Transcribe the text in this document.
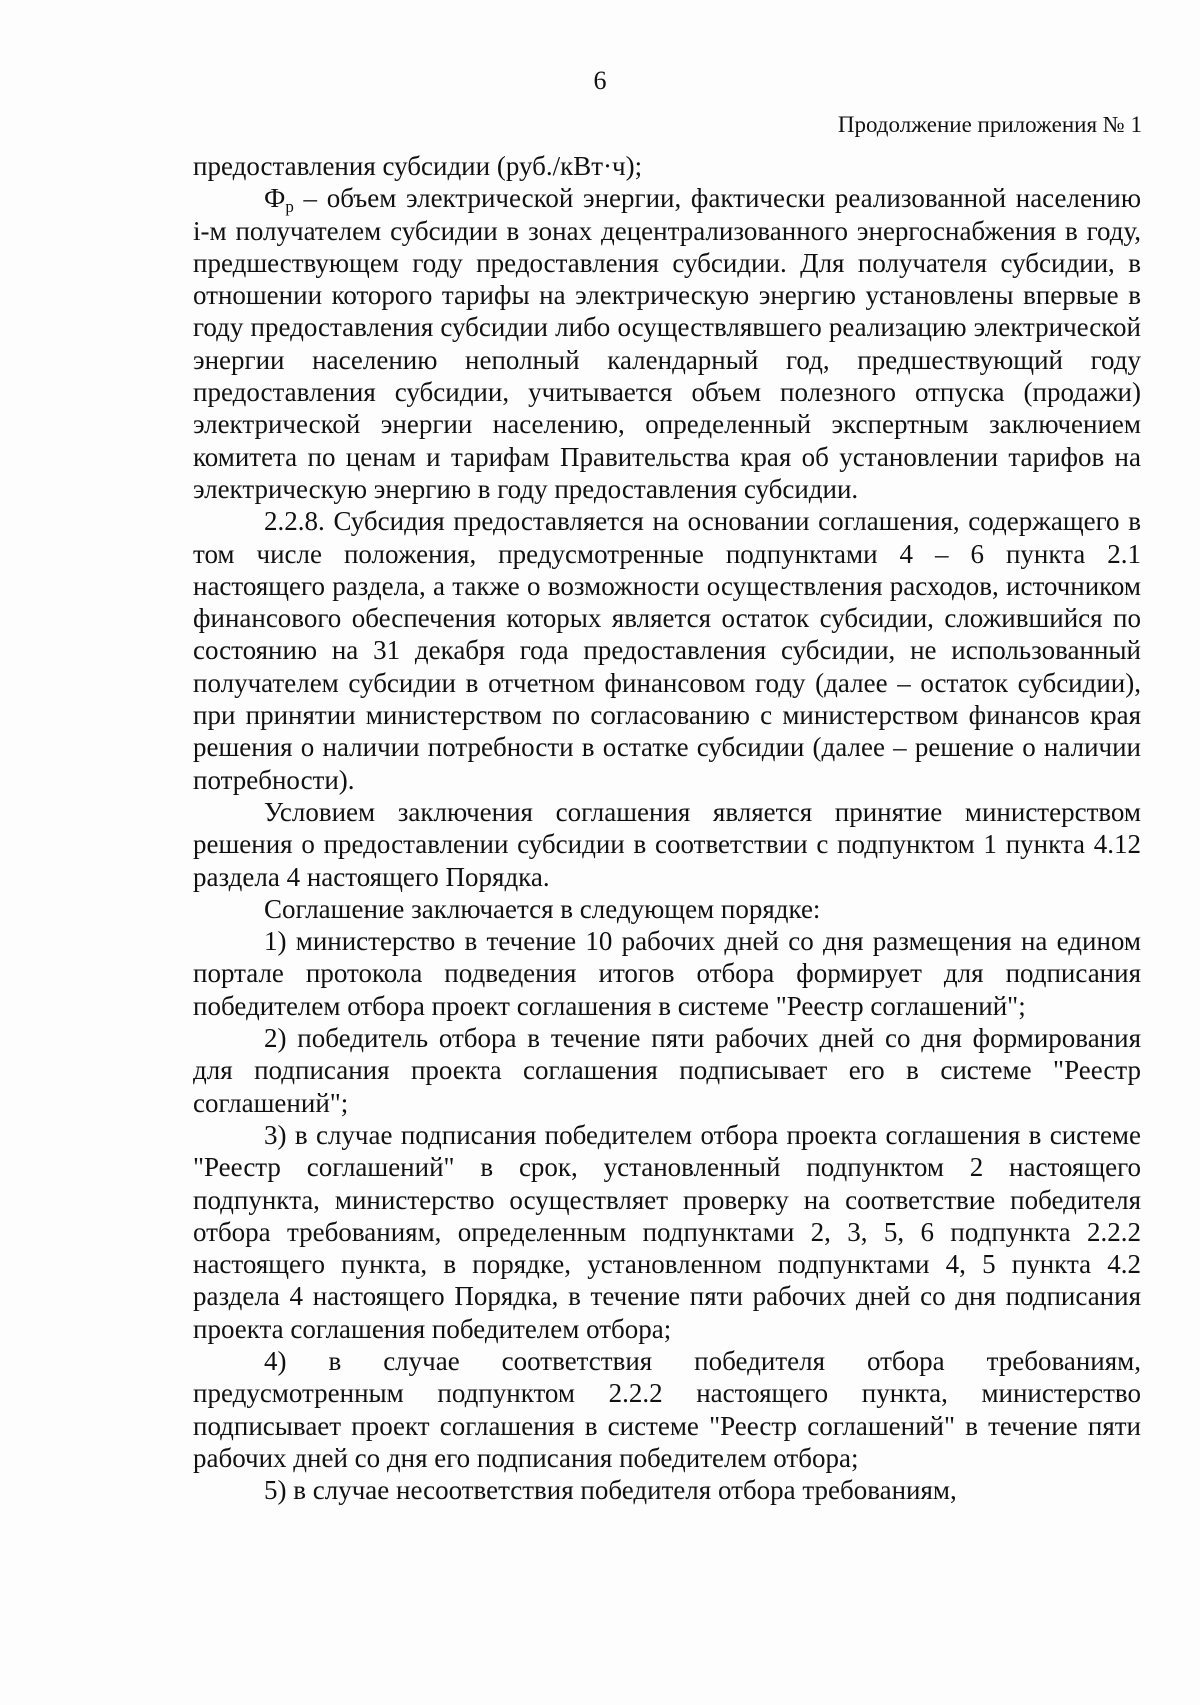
6
Продолжение приложения № 1

предоставления субсидии (руб./кВт·ч);

$Ф_р$ – объем электрической энергии, фактически реализованной населению i-м получателем субсидии в зонах децентрализованного энергоснабжения в году, предшествующем году предоставления субсидии. Для получателя субсидии, в отношении которого тарифы на электрическую энергию установлены впервые в году предоставления субсидии либо осуществлявшего реализацию электрической энергии населению неполный календарный год, предшествующий году предоставления субсидии, учитывается объем полезного отпуска (продажи) электрической энергии населению, определенный экспертным заключением комитета по ценам и тарифам Правительства края об установлении тарифов на электрическую энергию в году предоставления субсидии.

2.2.8. Субсидия предоставляется на основании соглашения, содержащего в том числе положения, предусмотренные подпунктами 4 – 6 пункта 2.1 настоящего раздела, а также о возможности осуществления расходов, источником финансового обеспечения которых является остаток субсидии, сложившийся по состоянию на 31 декабря года предоставления субсидии, не использованный получателем субсидии в отчетном финансовом году (далее – остаток субсидии), при принятии министерством по согласованию с министерством финансов края решения о наличии потребности в остатке субсидии (далее – решение о наличии потребности).

Условием заключения соглашения является принятие министерством решения о предоставлении субсидии в соответствии с подпунктом 1 пункта 4.12 раздела 4 настоящего Порядка.

Соглашение заключается в следующем порядке:

1) министерство в течение 10 рабочих дней со дня размещения на едином портале протокола подведения итогов отбора формирует для подписания победителем отбора проект соглашения в системе "Реестр соглашений";

2) победитель отбора в течение пяти рабочих дней со дня формирования для подписания проекта соглашения подписывает его в системе "Реестр соглашений";

3) в случае подписания победителем отбора проекта соглашения в системе "Реестр соглашений" в срок, установленный подпунктом 2 настоящего подпункта, министерство осуществляет проверку на соответствие победителя отбора требованиям, определенным подпунктами 2, 3, 5, 6 подпункта 2.2.2 настоящего пункта, в порядке, установленном подпунктами 4, 5 пункта 4.2 раздела 4 настоящего Порядка, в течение пяти рабочих дней со дня подписания проекта соглашения победителем отбора;

4) в случае соответствия победителя отбора требованиям, предусмотренным подпунктом 2.2.2 настоящего пункта, министерство подписывает проект соглашения в системе "Реестр соглашений" в течение пяти рабочих дней со дня его подписания победителем отбора;

5) в случае несоответствия победителя отбора требованиям,
